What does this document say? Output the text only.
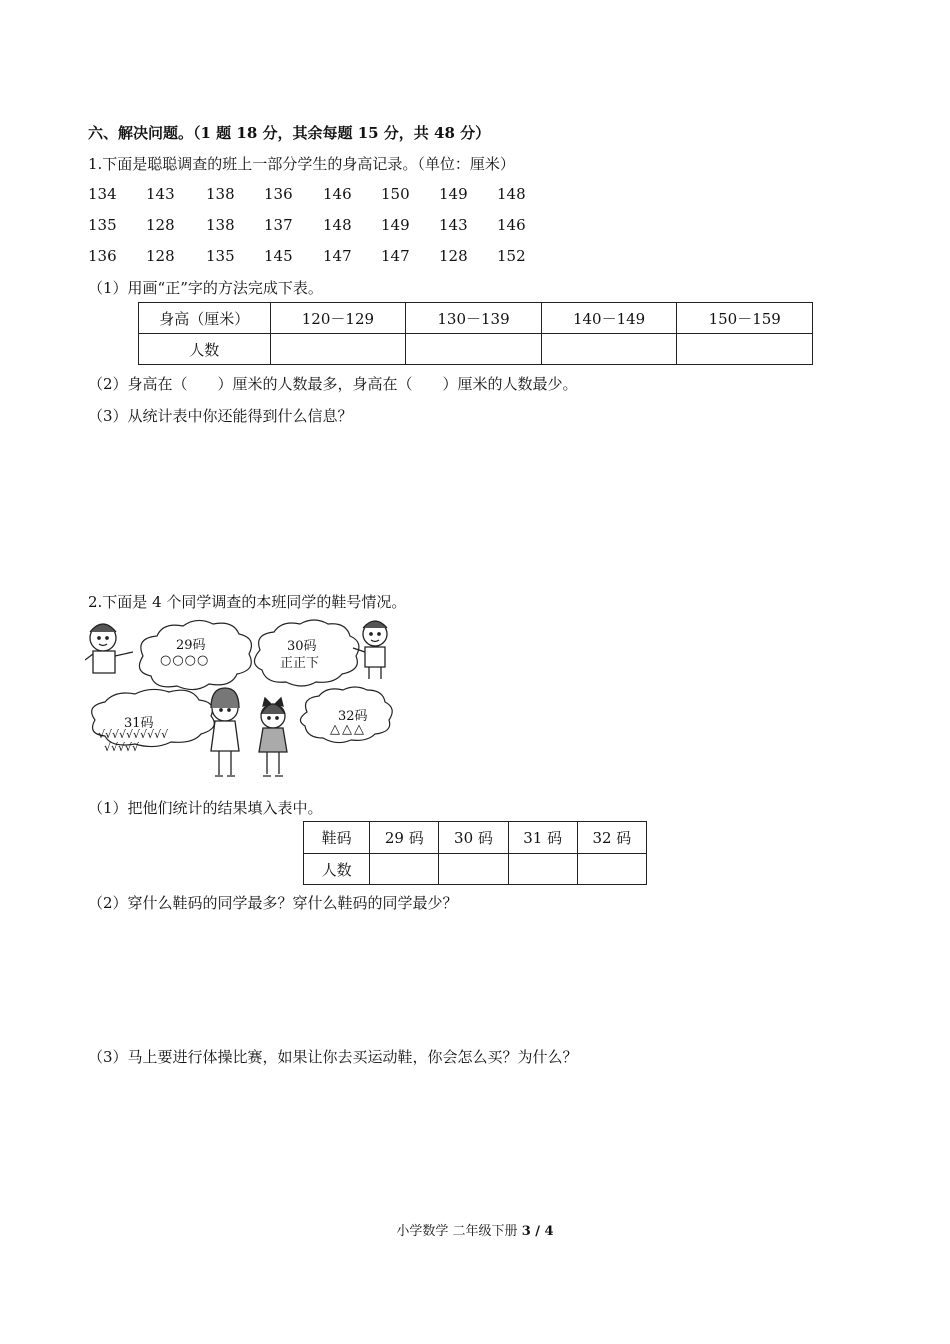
六、解决问题。（1 题 18 分，其余每题 15 分，共 48 分）
1.下面是聪聪调查的班上一部分学生的身高记录。（单位：厘米）
134 143 138 136 146 150 149 148
135 128 138 137 148 149 143 146
136 128 135 145 147 147 128 152
（1）用画“正”字的方法完成下表。
身高（厘米）	120－129	130－139	140－149	150－159
人数				
（2）身高在（　　）厘米的人数最多，身高在（　　）厘米的人数最少。
（3）从统计表中你还能得到什么信息？
2.下面是 4 个同学调查的本班同学的鞋号情况。
29码
○○○○
30码
正正下
31码
√√√√√√√√√√
√√√√√
32码
△△△
（1）把他们统计的结果填入表中。
鞋码	29 码	30 码	31 码	32 码
人数				
（2）穿什么鞋码的同学最多？穿什么鞋码的同学最少？
（3）马上要进行体操比赛，如果让你去买运动鞋，你会怎么买？为什么？
小学数学 二年级下册 3 / 4
